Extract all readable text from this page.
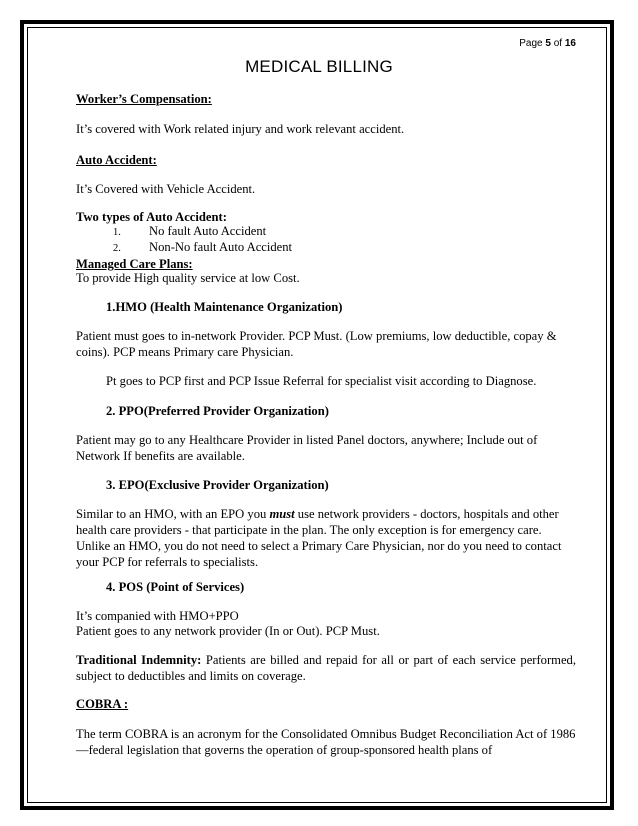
Page 5 of 16
MEDICAL BILLING

Worker’s Compensation:

It’s covered with Work related injury and work relevant accident.

Auto Accident:

It’s Covered with Vehicle Accident.

Two types of Auto Accident:

1. No fault Auto Accident
2. Non-No fault Auto Accident

Managed Care Plans:

To provide High quality service at low Cost.

1.HMO (Health Maintenance Organization)

Patient must goes to in-network Provider. PCP Must. (Low premiums, low deductible, copay & coins). PCP means Primary care Physician.

Pt goes to PCP first and PCP Issue Referral for specialist visit according to Diagnose.

2. PPO(Preferred Provider Organization)

Patient may go to any Healthcare Provider in listed Panel doctors, anywhere; Include out of Network If benefits are available.

3. EPO(Exclusive Provider Organization)

Similar to an HMO, with an EPO you must use network providers - doctors, hospitals and other health care providers - that participate in the plan. The only exception is for emergency care. Unlike an HMO, you do not need to select a Primary Care Physician, nor do you need to contact your PCP for referrals to specialists.

4. POS (Point of Services)

It’s companied with HMO+PPO

Patient goes to any network provider (In or Out). PCP Must.

Traditional Indemnity: Patients are billed and repaid for all or part of each service performed, subject to deductibles and limits on coverage.

COBRA :

The term COBRA is an acronym for the Consolidated Omnibus Budget Reconciliation Act of 1986—federal legislation that governs the operation of group-sponsored health plans of
